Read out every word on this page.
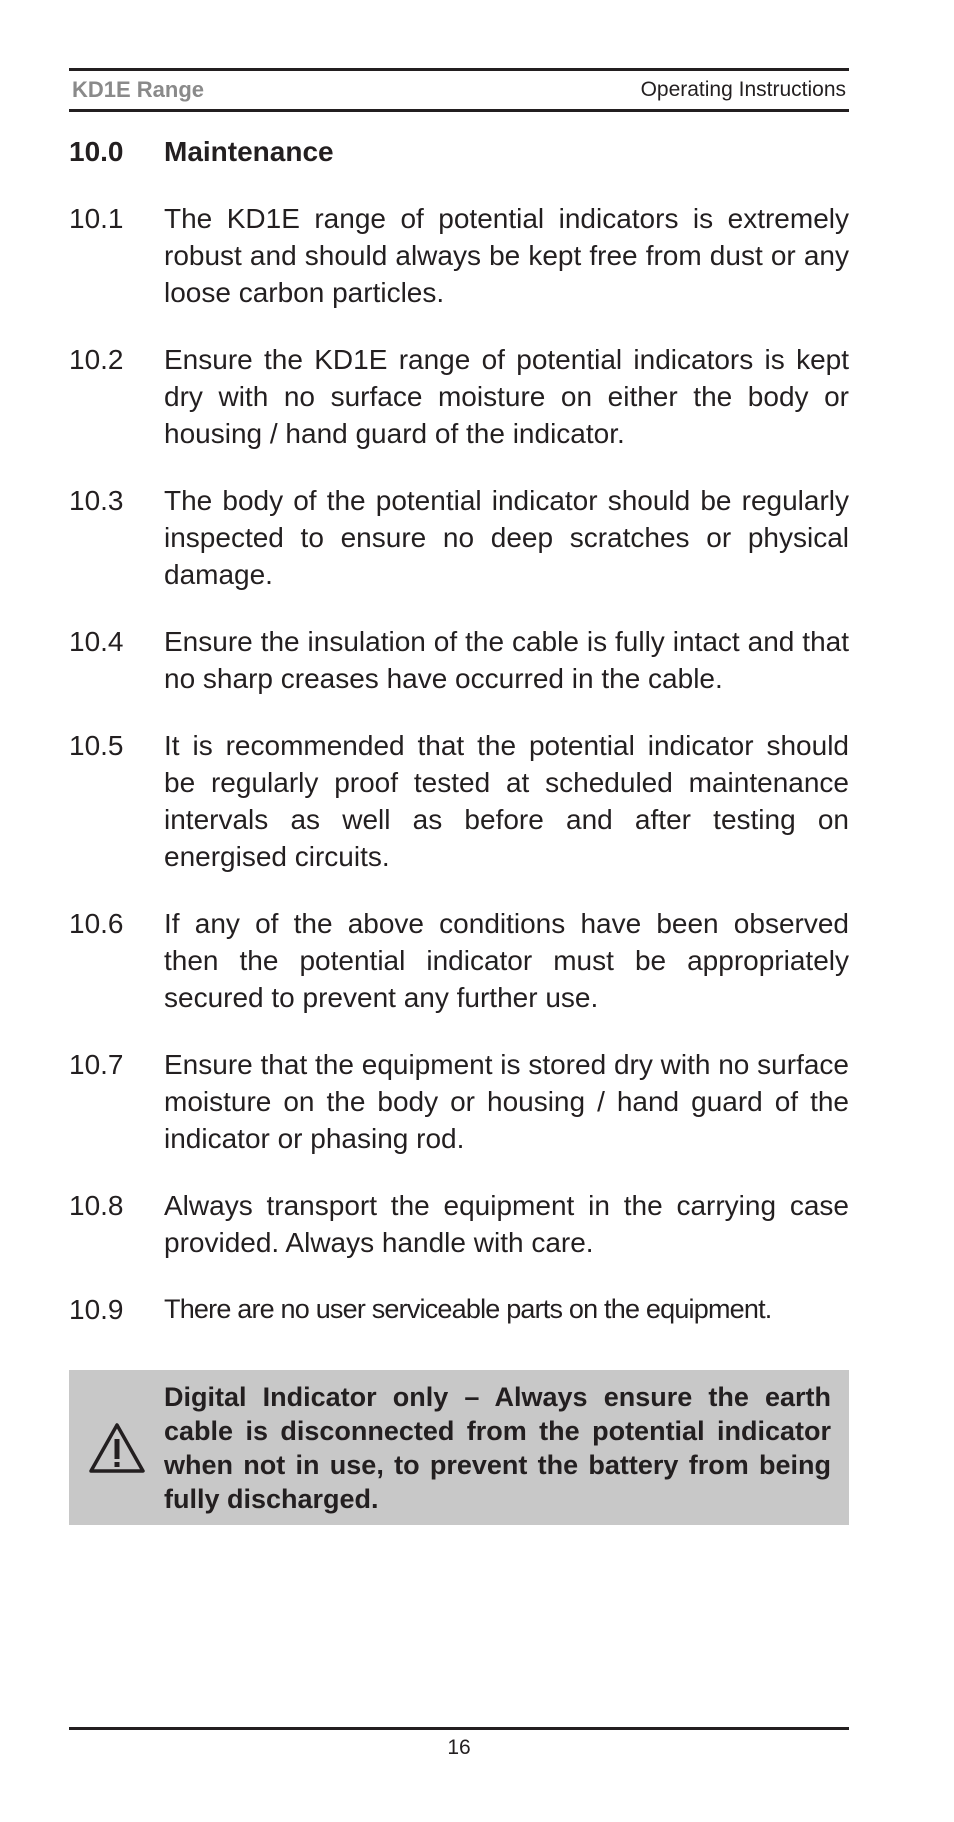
KD1E Range	Operating Instructions
10.0	Maintenance
10.1	The KD1E range of potential indicators is extremely robust and should always be kept free from dust or any loose carbon particles.
10.2	Ensure the KD1E range of potential indicators is kept dry with no surface moisture on either the body or housing / hand guard of the indicator.
10.3	The body of the potential indicator should be regularly inspected to ensure no deep scratches or physical damage.
10.4	Ensure the insulation of the cable is fully intact and that no sharp creases have occurred in the cable.
10.5	It is recommended that the potential indicator should be regularly proof tested at scheduled maintenance intervals as well as before and after testing on energised circuits.
10.6	If any of the above conditions have been observed then the potential indicator must be appropriately secured to prevent any further use.
10.7	Ensure that the equipment is stored dry with no surface moisture on the body or housing / hand guard of the indicator or phasing rod.
10.8	Always transport the equipment in the carrying case provided. Always handle with care.
10.9	There are no user serviceable parts on the equipment.
Digital Indicator only – Always ensure the earth cable is disconnected from the potential indicator when not in use, to prevent the battery from being fully discharged.
16
